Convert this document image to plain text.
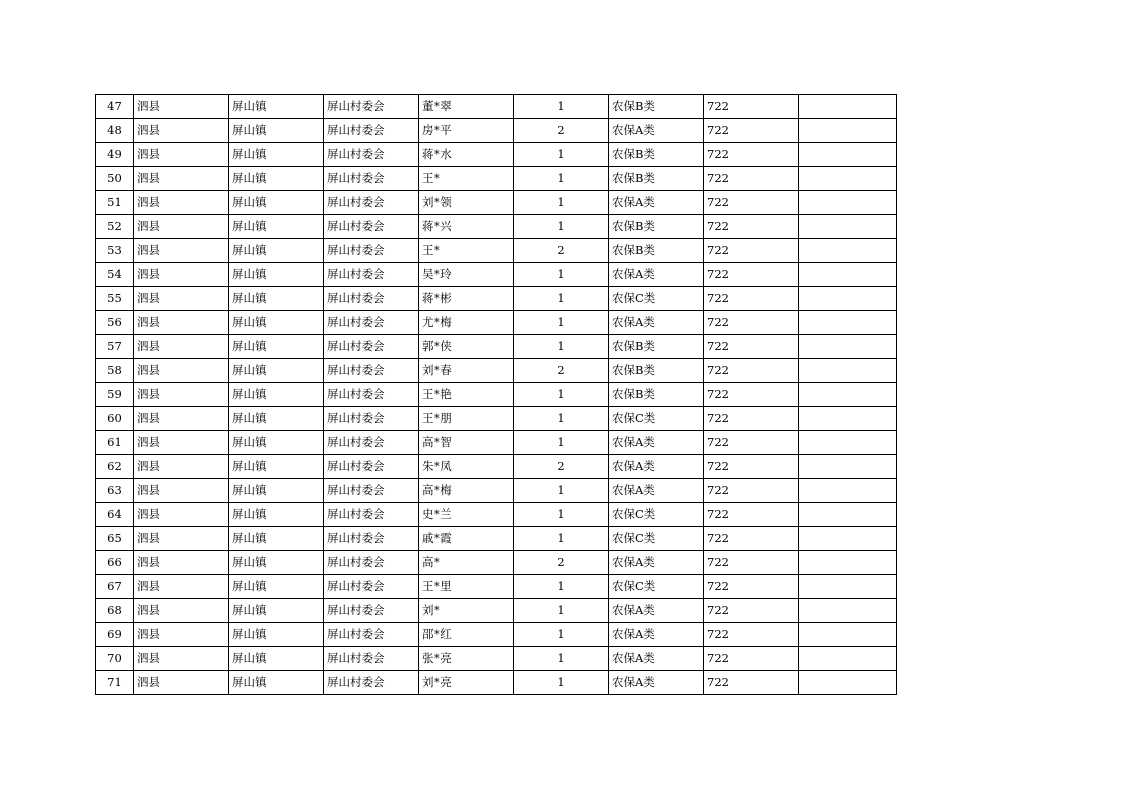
47	泗县	屏山镇	屏山村委会	董*翠	1	农保B类	722	
48	泗县	屏山镇	屏山村委会	房*平	2	农保A类	722	
49	泗县	屏山镇	屏山村委会	蒋*水	1	农保B类	722	
50	泗县	屏山镇	屏山村委会	王*	1	农保B类	722	
51	泗县	屏山镇	屏山村委会	刘*领	1	农保A类	722	
52	泗县	屏山镇	屏山村委会	蒋*兴	1	农保B类	722	
53	泗县	屏山镇	屏山村委会	王*	2	农保B类	722	
54	泗县	屏山镇	屏山村委会	吴*玲	1	农保A类	722	
55	泗县	屏山镇	屏山村委会	蒋*彬	1	农保C类	722	
56	泗县	屏山镇	屏山村委会	尤*梅	1	农保A类	722	
57	泗县	屏山镇	屏山村委会	郭*侠	1	农保B类	722	
58	泗县	屏山镇	屏山村委会	刘*春	2	农保B类	722	
59	泗县	屏山镇	屏山村委会	王*艳	1	农保B类	722	
60	泗县	屏山镇	屏山村委会	王*朋	1	农保C类	722	
61	泗县	屏山镇	屏山村委会	高*智	1	农保A类	722	
62	泗县	屏山镇	屏山村委会	朱*凤	2	农保A类	722	
63	泗县	屏山镇	屏山村委会	高*梅	1	农保A类	722	
64	泗县	屏山镇	屏山村委会	史*兰	1	农保C类	722	
65	泗县	屏山镇	屏山村委会	戚*霞	1	农保C类	722	
66	泗县	屏山镇	屏山村委会	高*	2	农保A类	722	
67	泗县	屏山镇	屏山村委会	王*里	1	农保C类	722	
68	泗县	屏山镇	屏山村委会	刘*	1	农保A类	722	
69	泗县	屏山镇	屏山村委会	邵*红	1	农保A类	722	
70	泗县	屏山镇	屏山村委会	张*亮	1	农保A类	722	
71	泗县	屏山镇	屏山村委会	刘*亮	1	农保A类	722	
